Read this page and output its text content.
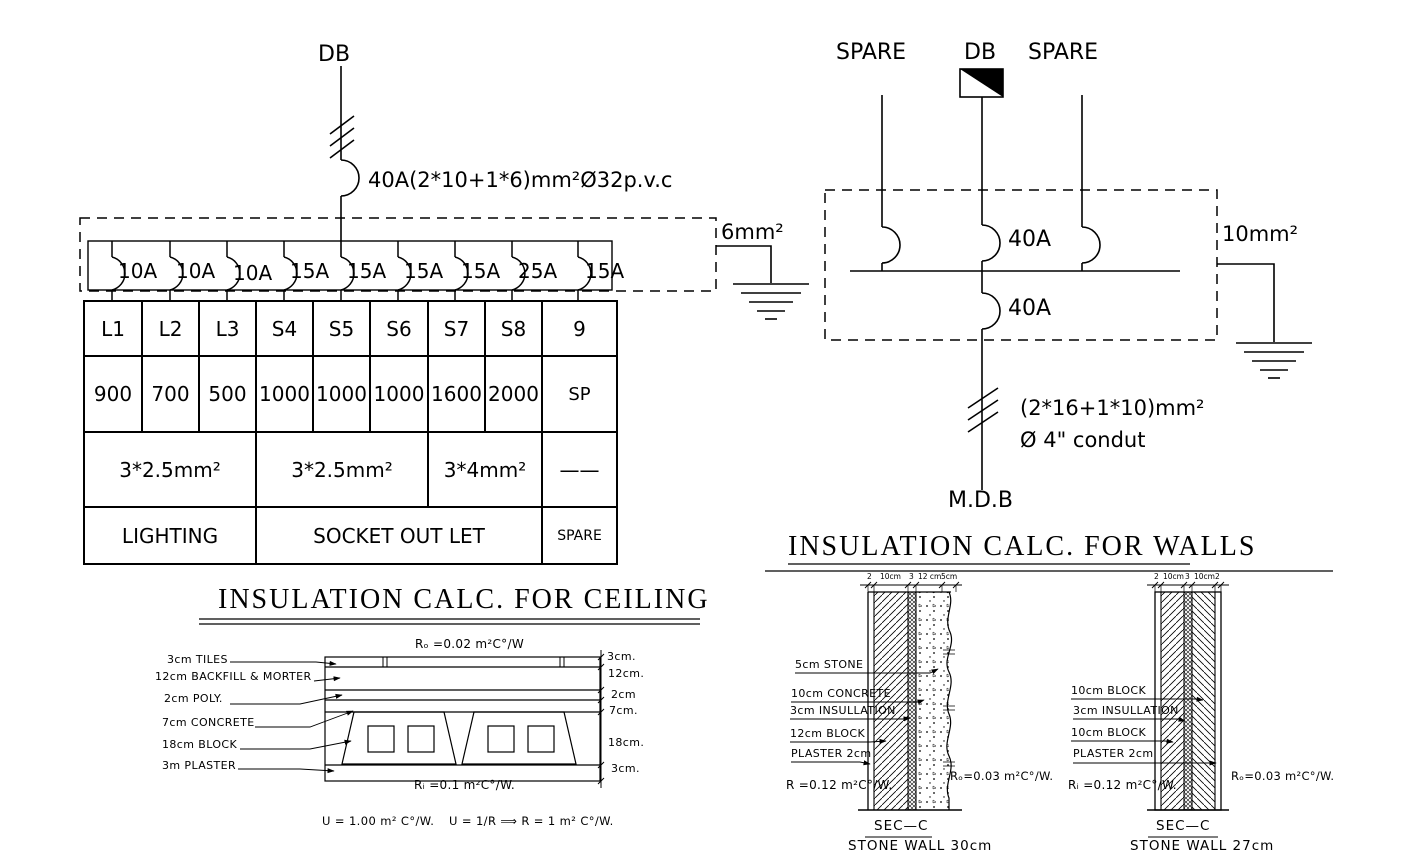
DB
40A(2*10+1*6)mm²Ø32p.v.c
6mm²
10A 10A 10A 15A 15A 15A 15A 25A 15A
L1	L2	L3	S4	S5	S6	S7	S8	9
900	700	500	1000	1000	1000	1600	2000	SP
3*2.5mm²			3*2.5mm²			3*4mm²		——
LIGHTING			SOCKET OUT LET					SPARE
SPARE	DB SPARE
40A
40A
10mm²
(2*16+1*10)mm²
Ø 4" condut
M.D.B
INSULATION CALC. FOR CEILING
Rₒ =0.02 m²C°/W
Rᵢ =0.1 m²C°/W.
3cm TILES
12cm BACKFILL & MORTER
2cm POLY.
7cm CONCRETE
18cm BLOCK
3m PLASTER
3cm.
12cm.
2cm
7cm.
18cm.
3cm.
U = 1.00 m² C°/W. U = 1/R ⟹ R = 1 m² C°/W.
INSULATION CALC. FOR WALLS
2 10cm 3 12 cm 5cm
5cm STONE
10cm CONCRETE
3cm INSULLATION
12cm BLOCK
PLASTER 2cm
R =0.12 m²C°/W.
Rₒ=0.03 m²C°/W.
SEC—C
STONE WALL 30cm
2 10cm 3 10cm 2
10cm BLOCK
3cm INSULLATION
10cm BLOCK
PLASTER 2cm
Rᵢ =0.12 m²C°/W.
Rₒ=0.03 m²C°/W.
SEC—C
STONE WALL 27cm
